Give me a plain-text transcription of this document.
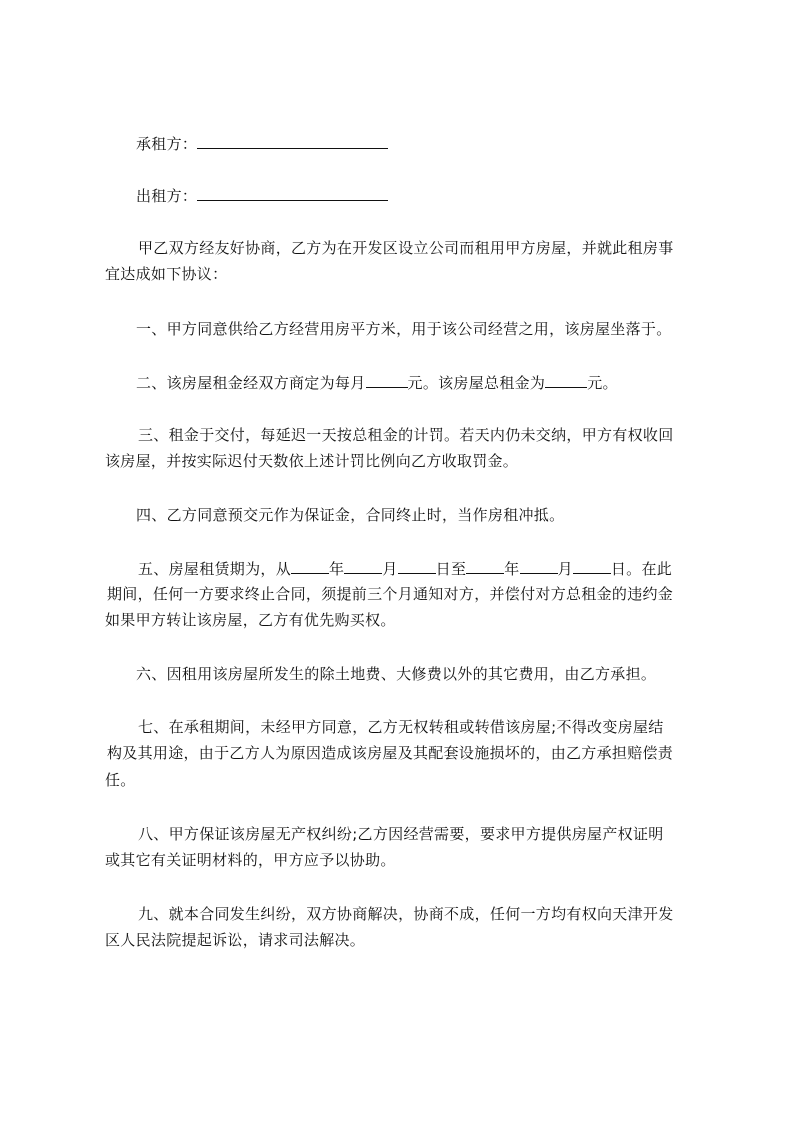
承租方：

出租方：

甲乙双方经友好协商，乙方为在开发区设立公司而租用甲方房屋，并就此租房事

宜达成如下协议：

一、甲方同意供给乙方经营用房平方米，用于该公司经营之用，该房屋坐落于。

二、该房屋租金经双方商定为每月	元。该房屋总租金为	元。

三、租金于交付，每延迟一天按总租金的计罚。若天内仍未交纳，甲方有权收回

该房屋，并按实际迟付天数依上述计罚比例向乙方收取罚金。

四、乙方同意预交元作为保证金，合同终止时，当作房租冲抵。

五、房屋租赁期为，从	年	月	日至	年	月	日。在此

期间，任何一方要求终止合同，须提前三个月通知对方，并偿付对方总租金的违约金

如果甲方转让该房屋，乙方有优先购买权。

六、因租用该房屋所发生的除土地费、大修费以外的其它费用，由乙方承担。

七、在承租期间，未经甲方同意，乙方无权转租或转借该房屋;不得改变房屋结

构及其用途，由于乙方人为原因造成该房屋及其配套设施损坏的，由乙方承担赔偿责

任。

八、甲方保证该房屋无产权纠纷;乙方因经营需要，要求甲方提供房屋产权证明

或其它有关证明材料的，甲方应予以协助。

九、就本合同发生纠纷，双方协商解决，协商不成，任何一方均有权向天津开发

区人民法院提起诉讼，请求司法解决。
